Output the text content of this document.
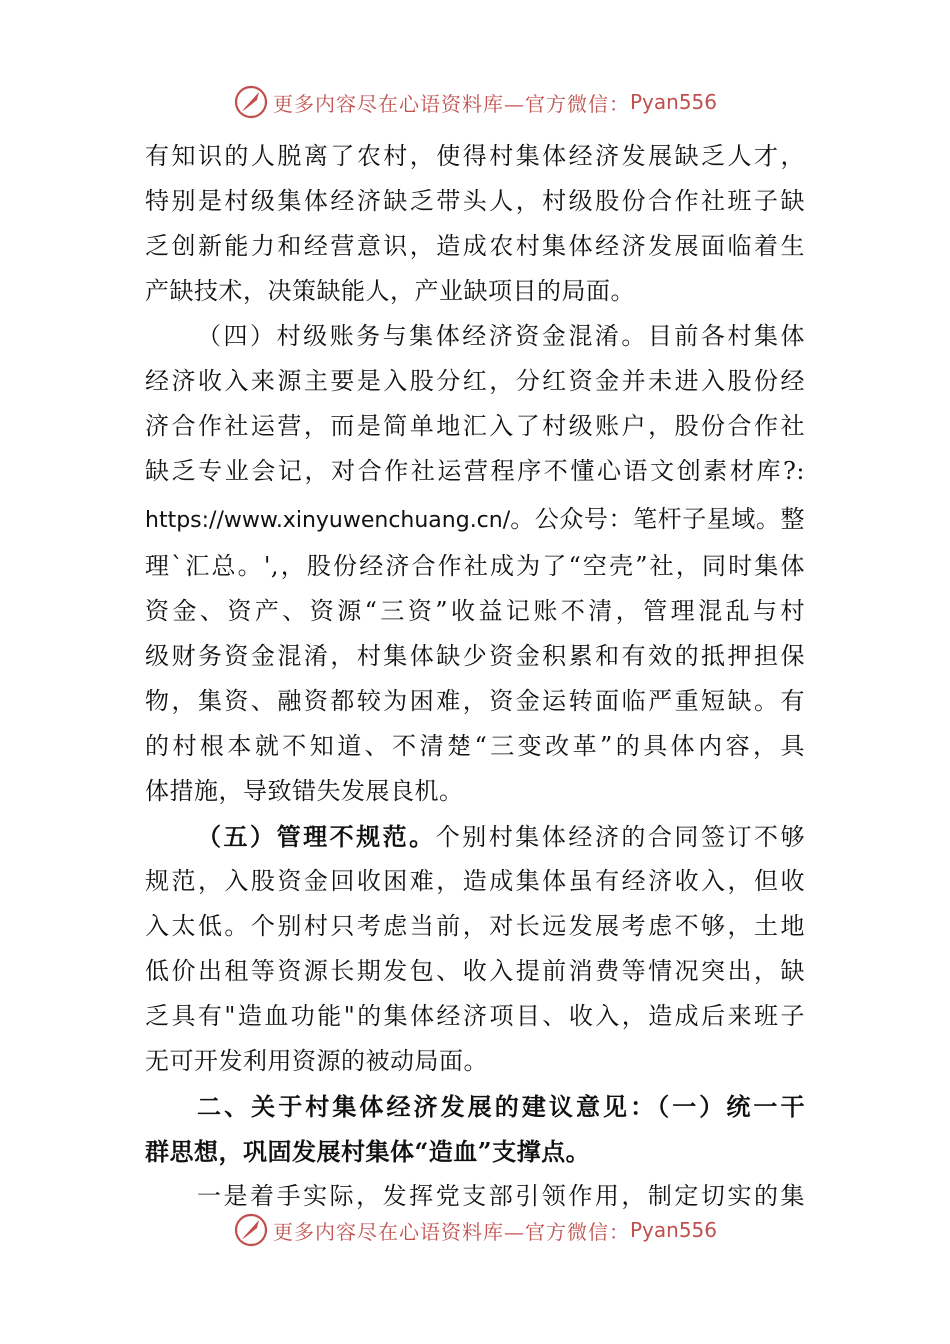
更多内容尽在心语资料库—官方微信： Pyan556
有知识的人脱离了农村，使得村集体经济发展缺乏人才，
特别是村级集体经济缺乏带头人，村级股份合作社班子缺
乏创新能力和经营意识，造成农村集体经济发展面临着生
产缺技术，决策缺能人，产业缺项目的局面。
（四）村级账务与集体经济资金混淆。目前各村集体
经济收入来源主要是入股分红，分红资金并未进入股份经
济合作社运营，而是简单地汇入了村级账户，股份合作社
缺乏专业会记，对合作社运营程序不懂心语文创素材库?:
https://www.xinyuwenchuang.cn/。公众号：笔杆子星域。整
理`汇总。',，股份经济合作社成为了“空壳”社，同时集体
资金、资产、资源“三资”收益记账不清，管理混乱与村
级财务资金混淆，村集体缺少资金积累和有效的抵押担保
物，集资、融资都较为困难，资金运转面临严重短缺。有
的村根本就不知道、不清楚“三变改革”的具体内容，具
体措施，导致错失发展良机。
（五）管理不规范。个别村集体经济的合同签订不够
规范，入股资金回收困难，造成集体虽有经济收入，但收
入太低。个别村只考虑当前，对长远发展考虑不够，土地
低价出租等资源长期发包、收入提前消费等情况突出，缺
乏具有"造血功能"的集体经济项目、收入，造成后来班子
无可开发利用资源的被动局面。
二、关于村集体经济发展的建议意见：（一）统一干
群思想，巩固发展村集体“造血”支撑点。
一是着手实际，发挥党支部引领作用，制定切实的集
更多内容尽在心语资料库—官方微信： Pyan556
